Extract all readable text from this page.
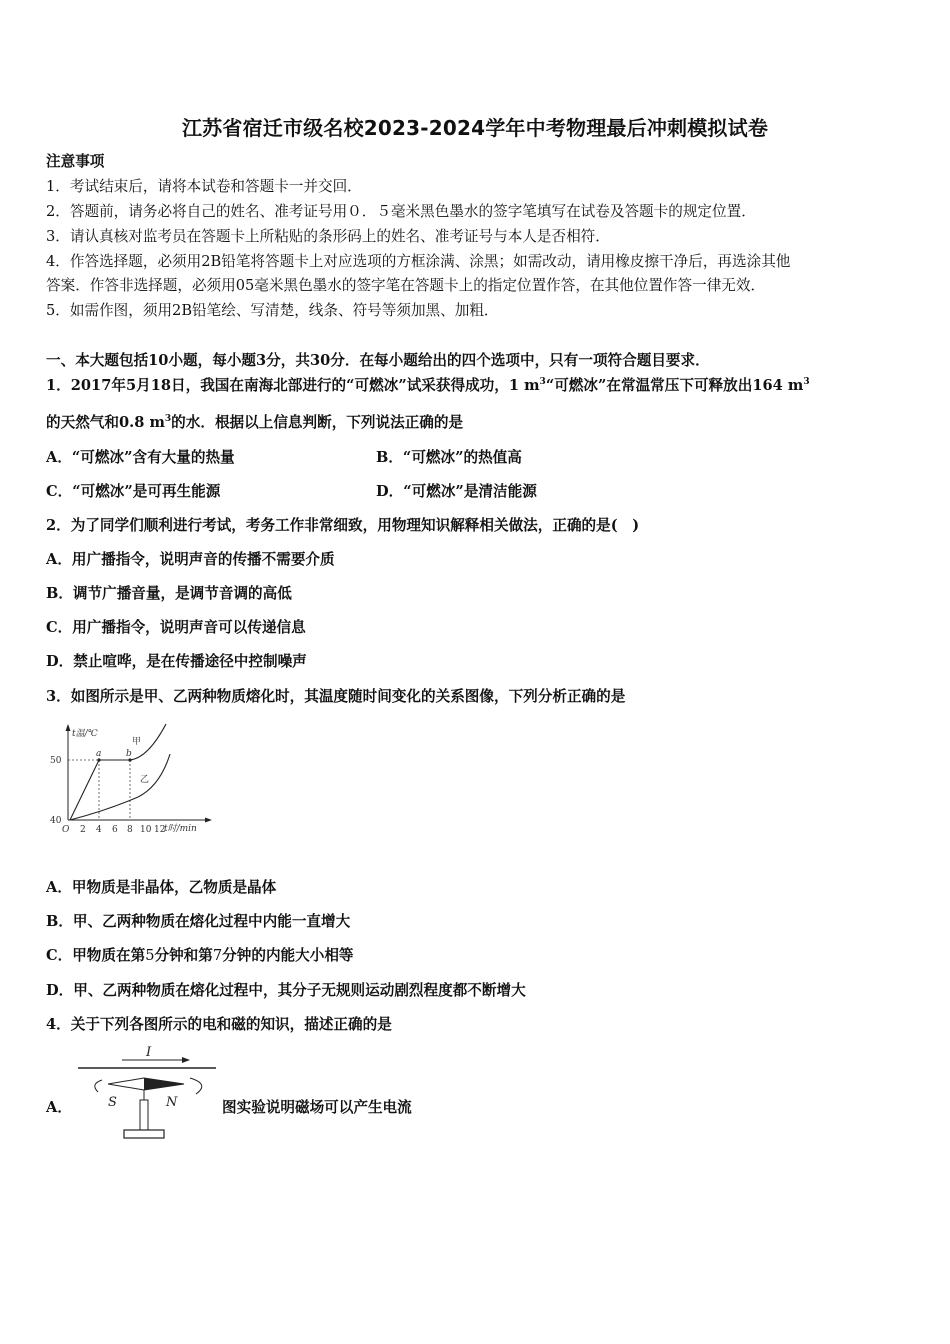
江苏省宿迁市级名校2023-2024学年中考物理最后冲刺模拟试卷
注意事项
1．考试结束后，请将本试卷和答题卡一并交回．
2．答题前，请务必将自己的姓名、准考证号用０．５毫米黑色墨水的签字笔填写在试卷及答题卡的规定位置．
3．请认真核对监考员在答题卡上所粘贴的条形码上的姓名、准考证号与本人是否相符．
4．作答选择题，必须用2B铅笔将答题卡上对应选项的方框涂满、涂黑；如需改动，请用橡皮擦干净后，再选涂其他
答案．作答非选择题，必须用05毫米黑色墨水的签字笔在答题卡上的指定位置作答，在其他位置作答一律无效．
5．如需作图，须用2B铅笔绘、写清楚，线条、符号等须加黑、加粗．
一、本大题包括10小题，每小题3分，共30分．在每小题给出的四个选项中，只有一项符合题目要求．
1．2017年5月18日，我国在南海北部进行的“可燃冰”试采获得成功，1 $m^3“$可燃冰”在常温常压下可释放出164 $m^3$
的天然气和0.8 $m^3$的水．根据以上信息判断，下列说法正确的是
A．“可燃冰”含有大量的热量	B．“可燃冰”的热值高
C．“可燃冰”是可再生能源	D．“可燃冰”是清洁能源
2．为了同学们顺利进行考试，考务工作非常细致，用物理知识解释相关做法，正确的是(　)
A．用广播指令，说明声音的传播不需要介质
B．调节广播音量，是调节音调的高低
C．用广播指令，说明声音可以传递信息
D．禁止喧哗，是在传播途径中控制噪声
3．如图所示是甲、乙两种物质熔化时，其温度随时间变化的关系图像，下列分析正确的是
t温/℃
t时/min
50
40
a	b
甲
乙
O 2 4 6 8 10 12
A．甲物质是非晶体，乙物质是晶体
B．甲、乙两种物质在熔化过程中内能一直增大
C．甲物质在第5分钟和第7分钟的内能大小相等
D．甲、乙两种物质在熔化过程中，其分子无规则运动剧烈程度都不断增大
4．关于下列各图所示的电和磁的知识，描述正确的是
A．
I
S	N	图实验说明磁场可以产生电流
